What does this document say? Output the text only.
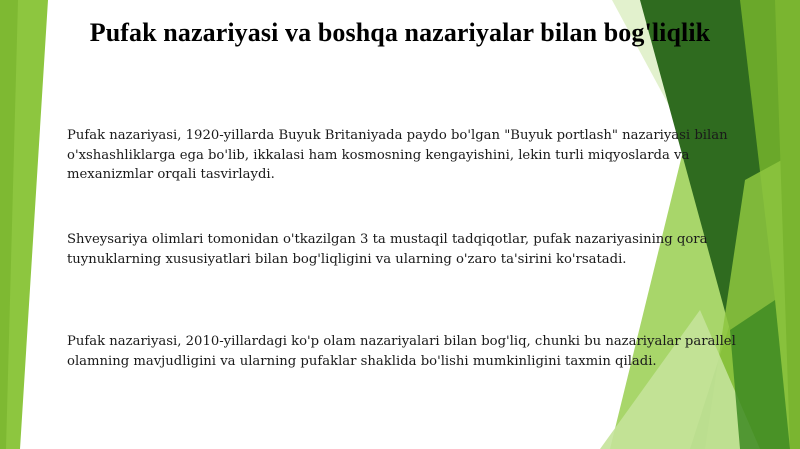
Pufak nazariyasi va boshqa nazariyalar bilan bog'liqlik
Pufak nazariyasi, 1920-yillarda Buyuk Britaniyada paydo bo'lgan "Buyuk portlash" nazariyasi bilan o'xshashliklarga ega bo'lib, ikkalasi ham kosmosning kengayishini, lekin turli miqyoslarda va mexanizmlar orqali tasvirlaydi.
Shveysariya olimlari tomonidan o'tkazilgan 3 ta mustaqil tadqiqotlar, pufak nazariyasining qora tuynuklarning xususiyatlari bilan bog'liqligini va ularning o'zaro ta'sirini ko'rsatadi.
Pufak nazariyasi, 2010-yillardagi ko'p olam nazariyalari bilan bog'liq, chunki bu nazariyalar parallel olamning mavjudligini va ularning pufaklar shaklida bo'lishi mumkinligini taxmin qiladi.
